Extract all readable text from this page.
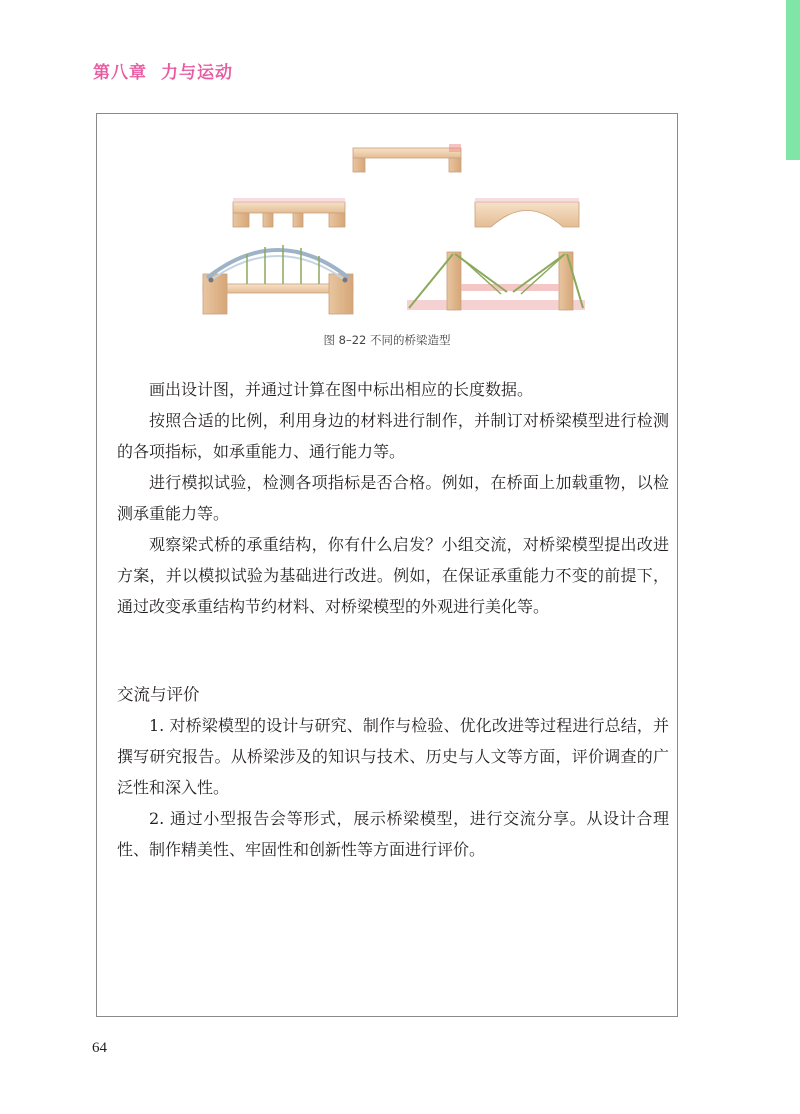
第八章 力与运动
图 8–22 不同的桥梁造型

画出设计图，并通过计算在图中标出相应的长度数据。

按照合适的比例，利用身边的材料进行制作，并制订对桥梁模型进行检测的各项指标，如承重能力、通行能力等。

进行模拟试验，检测各项指标是否合格。例如，在桥面上加载重物，以检测承重能力等。

观察梁式桥的承重结构，你有什么启发？小组交流，对桥梁模型提出改进方案，并以模拟试验为基础进行改进。例如，在保证承重能力不变的前提下，通过改变承重结构节约材料、对桥梁模型的外观进行美化等。

交流与评价

1. 对桥梁模型的设计与研究、制作与检验、优化改进等过程进行总结，并撰写研究报告。从桥梁涉及的知识与技术、历史与人文等方面，评价调查的广泛性和深入性。

2. 通过小型报告会等形式，展示桥梁模型，进行交流分享。从设计合理性、制作精美性、牢固性和创新性等方面进行评价。

64
